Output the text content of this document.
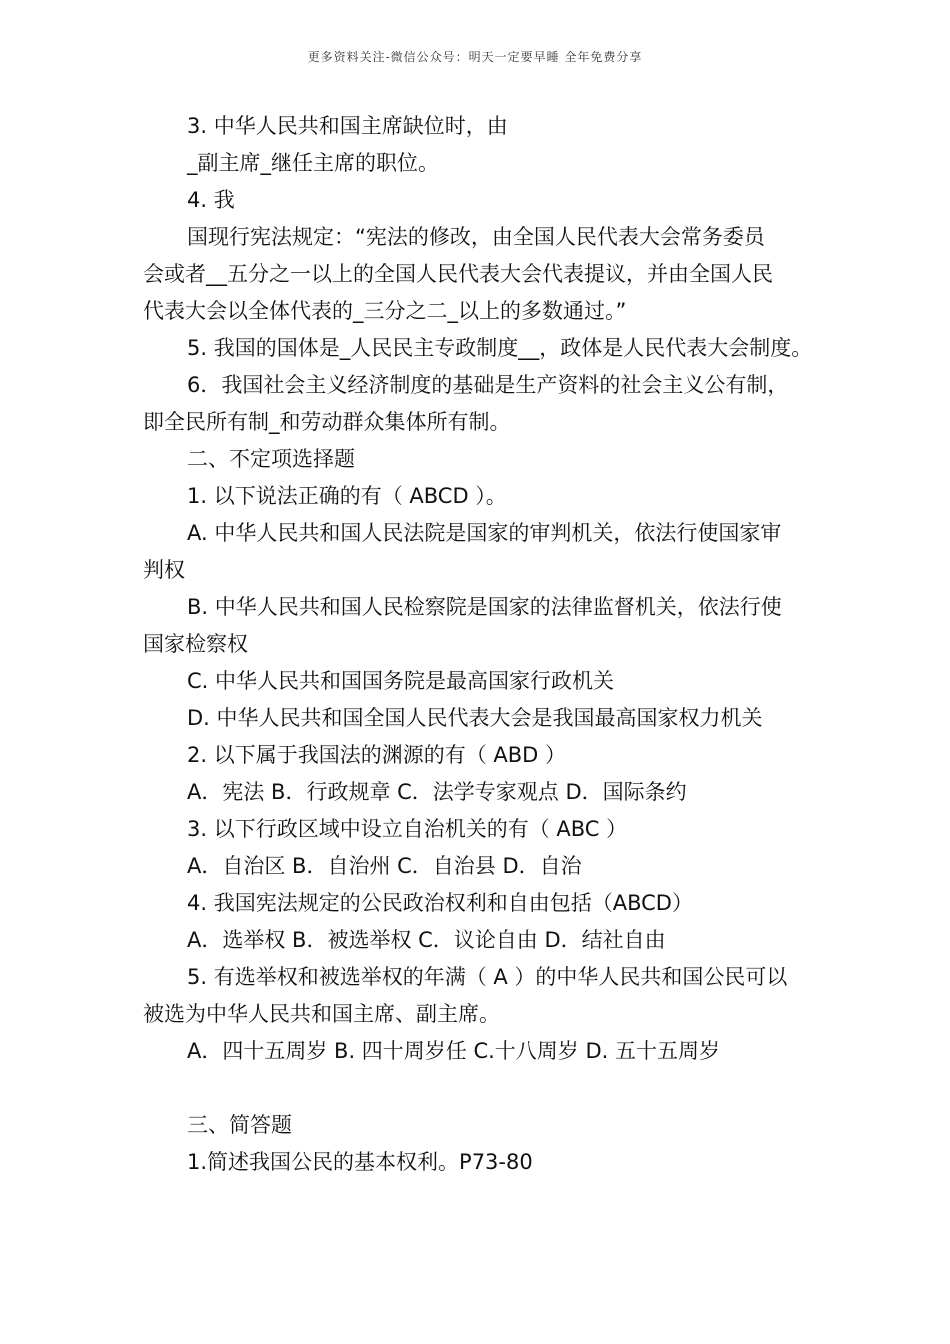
更多资料关注-微信公众号：明天一定要早睡 全年免费分享
3. 中华人民共和国主席缺位时，由
_副主席_继任主席的职位。
4. 我
国现行宪法规定：“宪法的修改，由全国人民代表大会常务委员
会或者__五分之一以上的全国人民代表大会代表提议，并由全国人民
代表大会以全体代表的_三分之二_以上的多数通过。”
5. 我国的国体是_人民民主专政制度__，政体是人民代表大会制度。
6．我国社会主义经济制度的基础是生产资料的社会主义公有制，
即全民所有制_和劳动群众集体所有制。
二、不定项选择题
1. 以下说法正确的有（ ABCD ）。
A. 中华人民共和国人民法院是国家的审判机关，依法行使国家审
判权
B. 中华人民共和国人民检察院是国家的法律监督机关，依法行使
国家检察权
C. 中华人民共和国国务院是最高国家行政机关
D. 中华人民共和国全国人民代表大会是我国最高国家权力机关
2. 以下属于我国法的渊源的有（ ABD ）
A．宪法 B．行政规章 C．法学专家观点 D．国际条约
3. 以下行政区域中设立自治机关的有（ ABC ）
A．自治区 B．自治州 C．自治县 D．自治
4. 我国宪法规定的公民政治权利和自由包括（ABCD）
A．选举权 B．被选举权 C．议论自由 D．结社自由
5. 有选举权和被选举权的年满（ A ）的中华人民共和国公民可以
被选为中华人民共和国主席、副主席。
A．四十五周岁 B. 四十周岁任 C.十八周岁 D. 五十五周岁
三、简答题
1.简述我国公民的基本权利。P73-80
